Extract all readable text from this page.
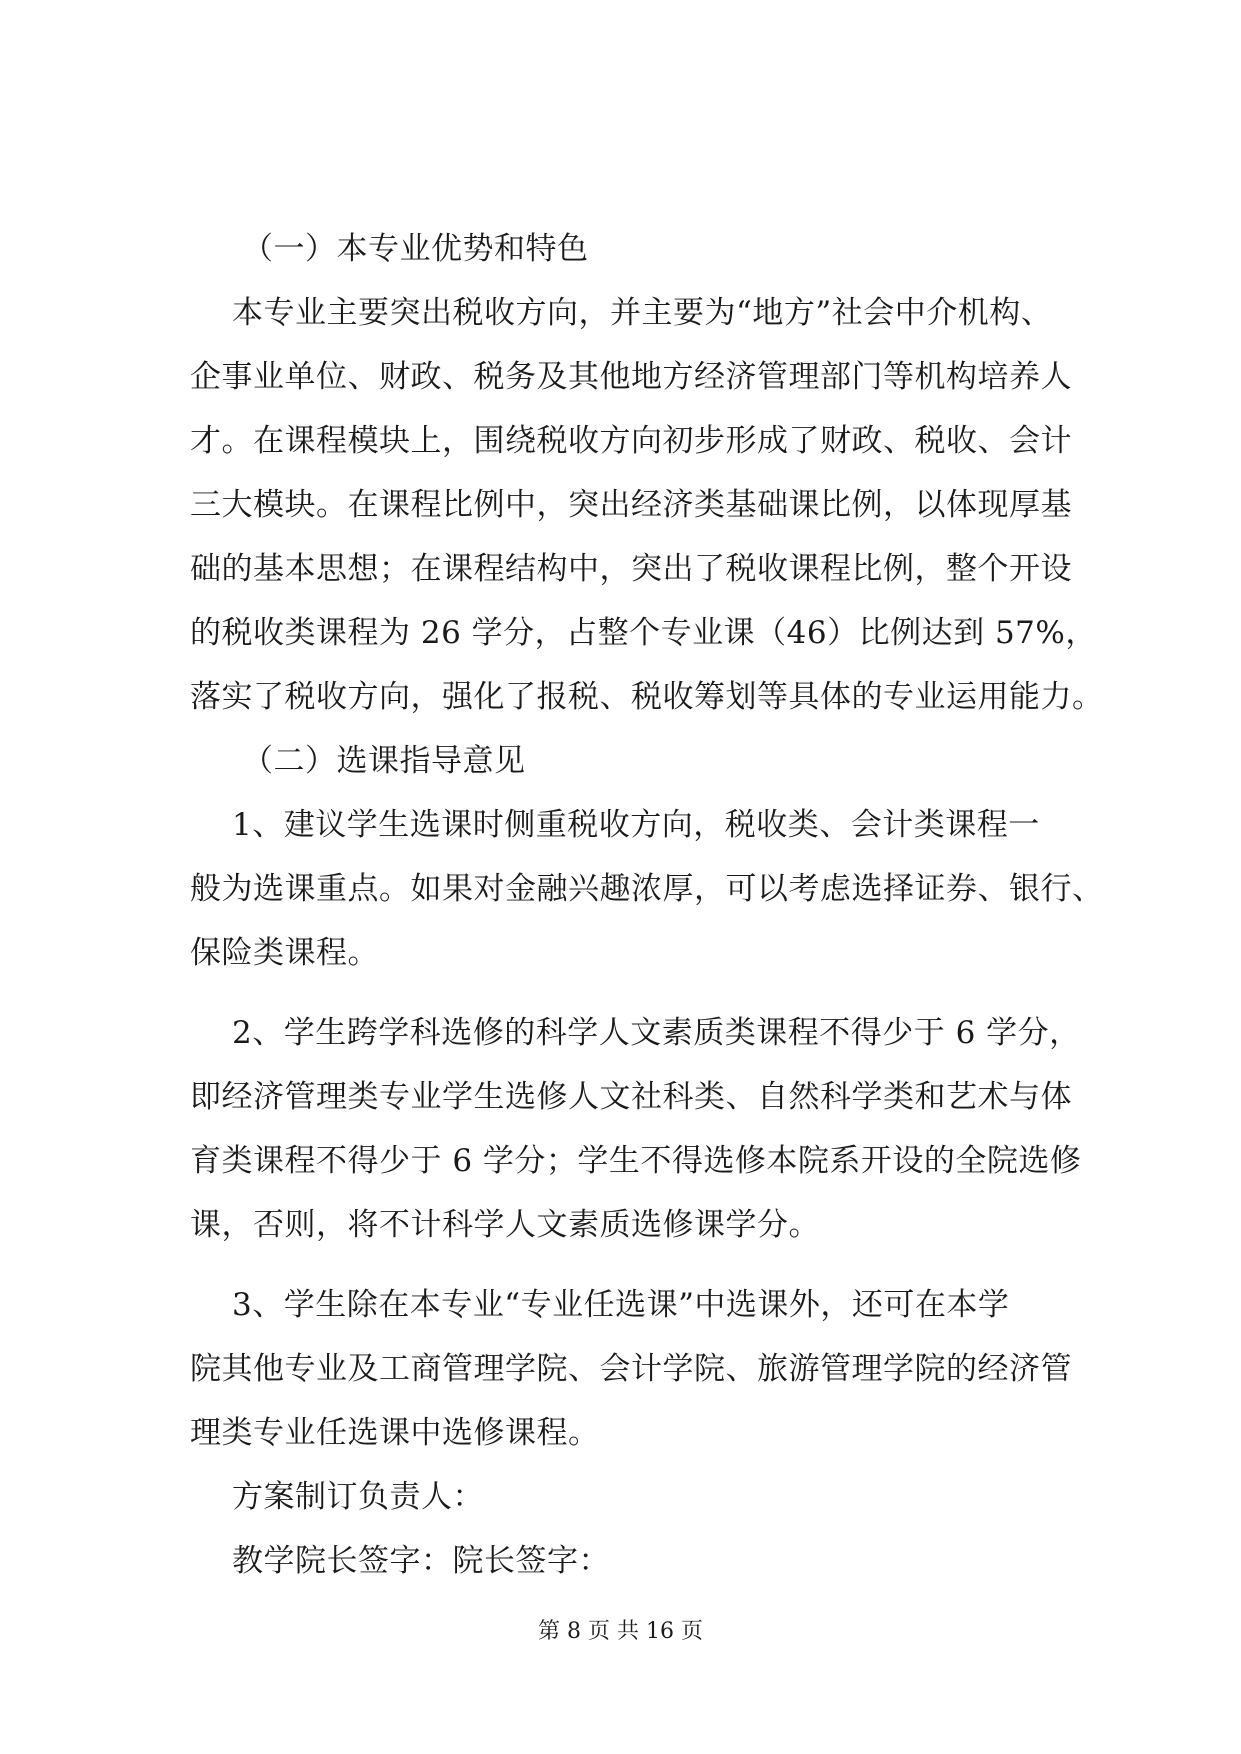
（一）本专业优势和特色
本专业主要突出税收方向，并主要为“地方”社会中介机构、
企事业单位、财政、税务及其他地方经济管理部门等机构培养人
才。在课程模块上，围绕税收方向初步形成了财政、税收、会计
三大模块。在课程比例中，突出经济类基础课比例，以体现厚基
础的基本思想；在课程结构中，突出了税收课程比例，整个开设
的税收类课程为 26 学分，占整个专业课（46）比例达到 57%，
落实了税收方向，强化了报税、税收筹划等具体的专业运用能力。
（二）选课指导意见
1、建议学生选课时侧重税收方向，税收类、会计类课程一
般为选课重点。如果对金融兴趣浓厚，可以考虑选择证券、银行、
保险类课程。
2、学生跨学科选修的科学人文素质类课程不得少于 6 学分，
即经济管理类专业学生选修人文社科类、自然科学类和艺术与体
育类课程不得少于 6 学分；学生不得选修本院系开设的全院选修
课，否则，将不计科学人文素质选修课学分。
3、学生除在本专业“专业任选课”中选课外，还可在本学
院其他专业及工商管理学院、会计学院、旅游管理学院的经济管
理类专业任选课中选修课程。
方案制订负责人：
教学院长签字：院长签字：
第 8 页 共 16 页
